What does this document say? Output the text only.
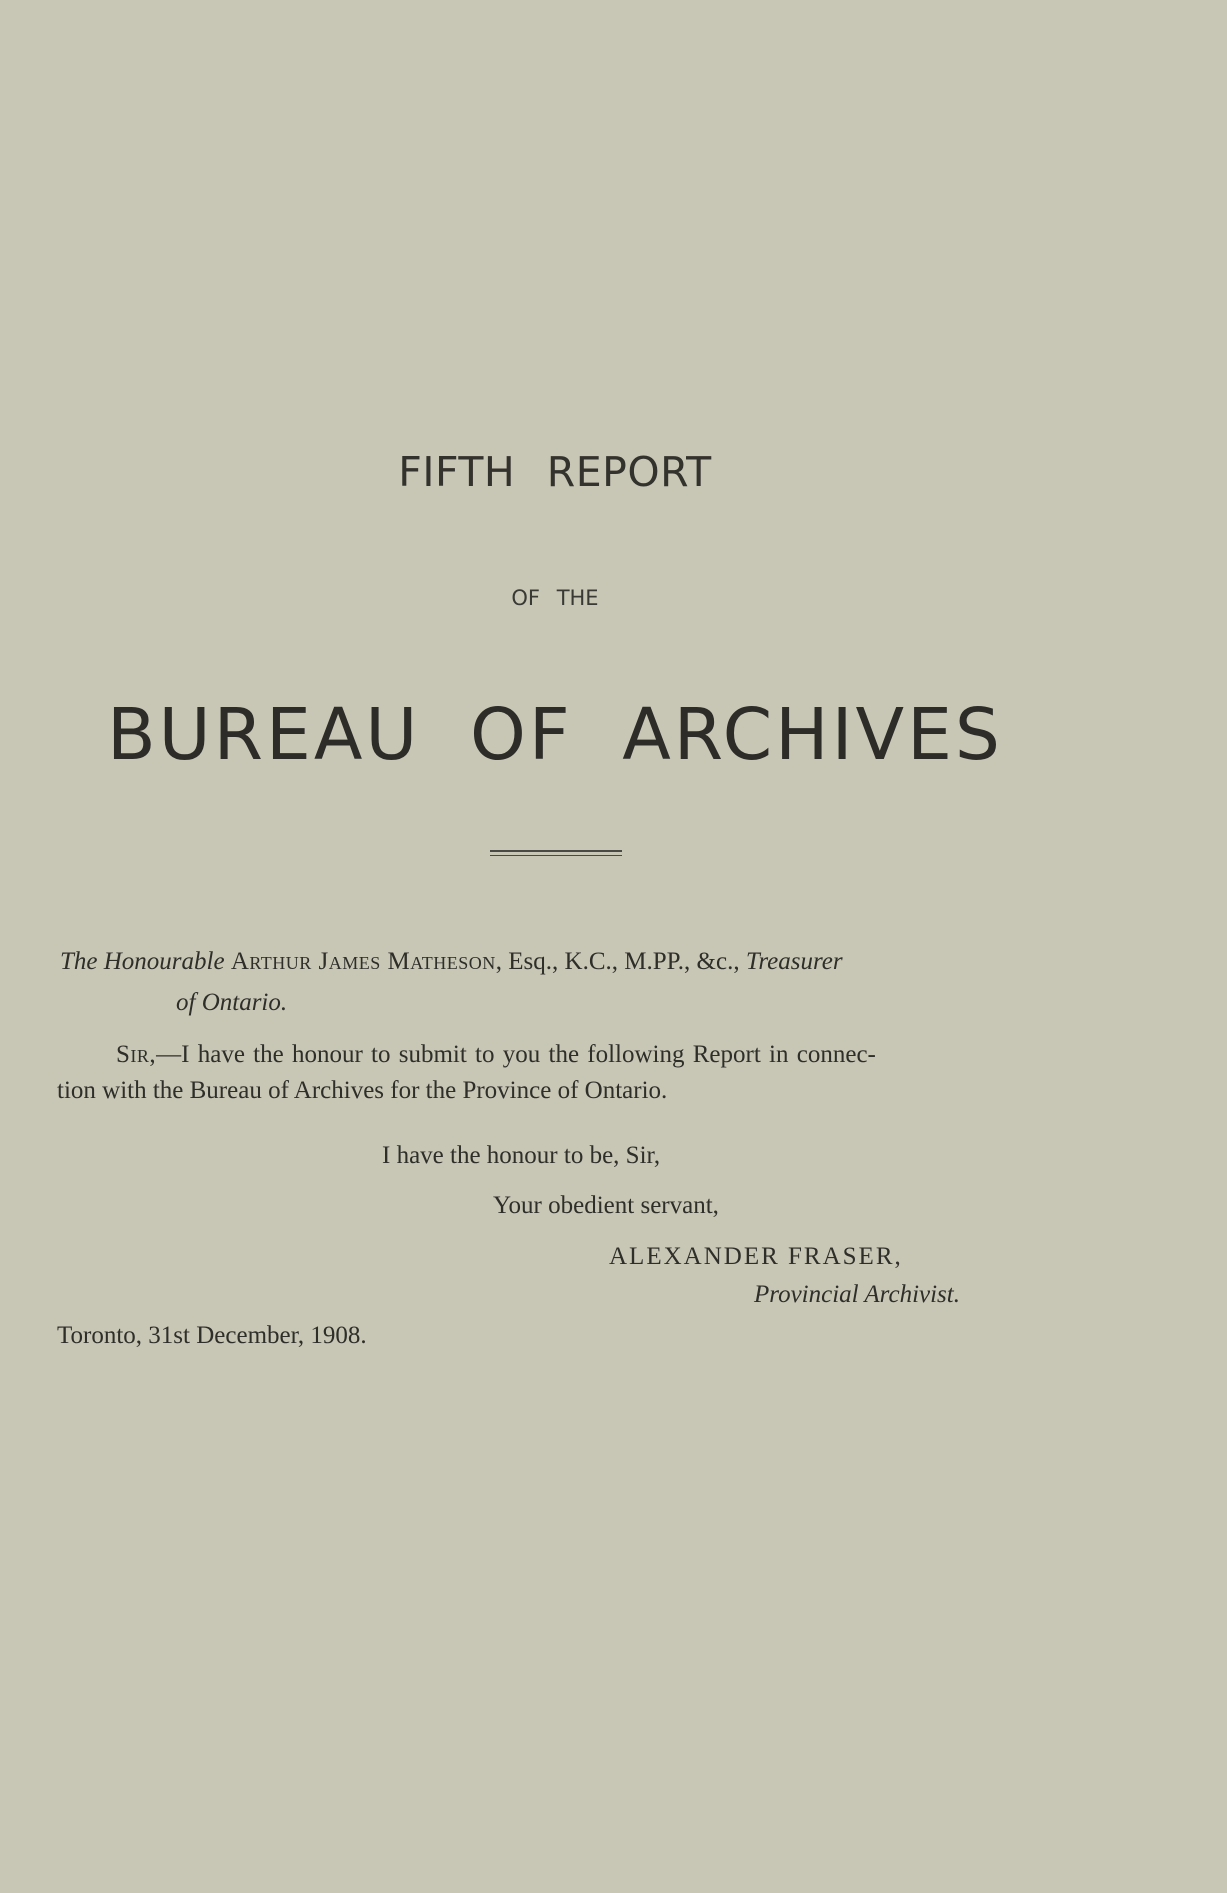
FIFTH REPORT
OF THE
BUREAU OF ARCHIVES
The Honourable Arthur James Matheson, Esq., K.C., M.PP., &c., Treasurer
of Ontario.
Sir,—I have the honour to submit to you the following Report in connec-
tion with the Bureau of Archives for the Province of Ontario.
I have the honour to be, Sir,
Your obedient servant,
ALEXANDER FRASER,
Provincial Archivist.
Toronto, 31st December, 1908.
